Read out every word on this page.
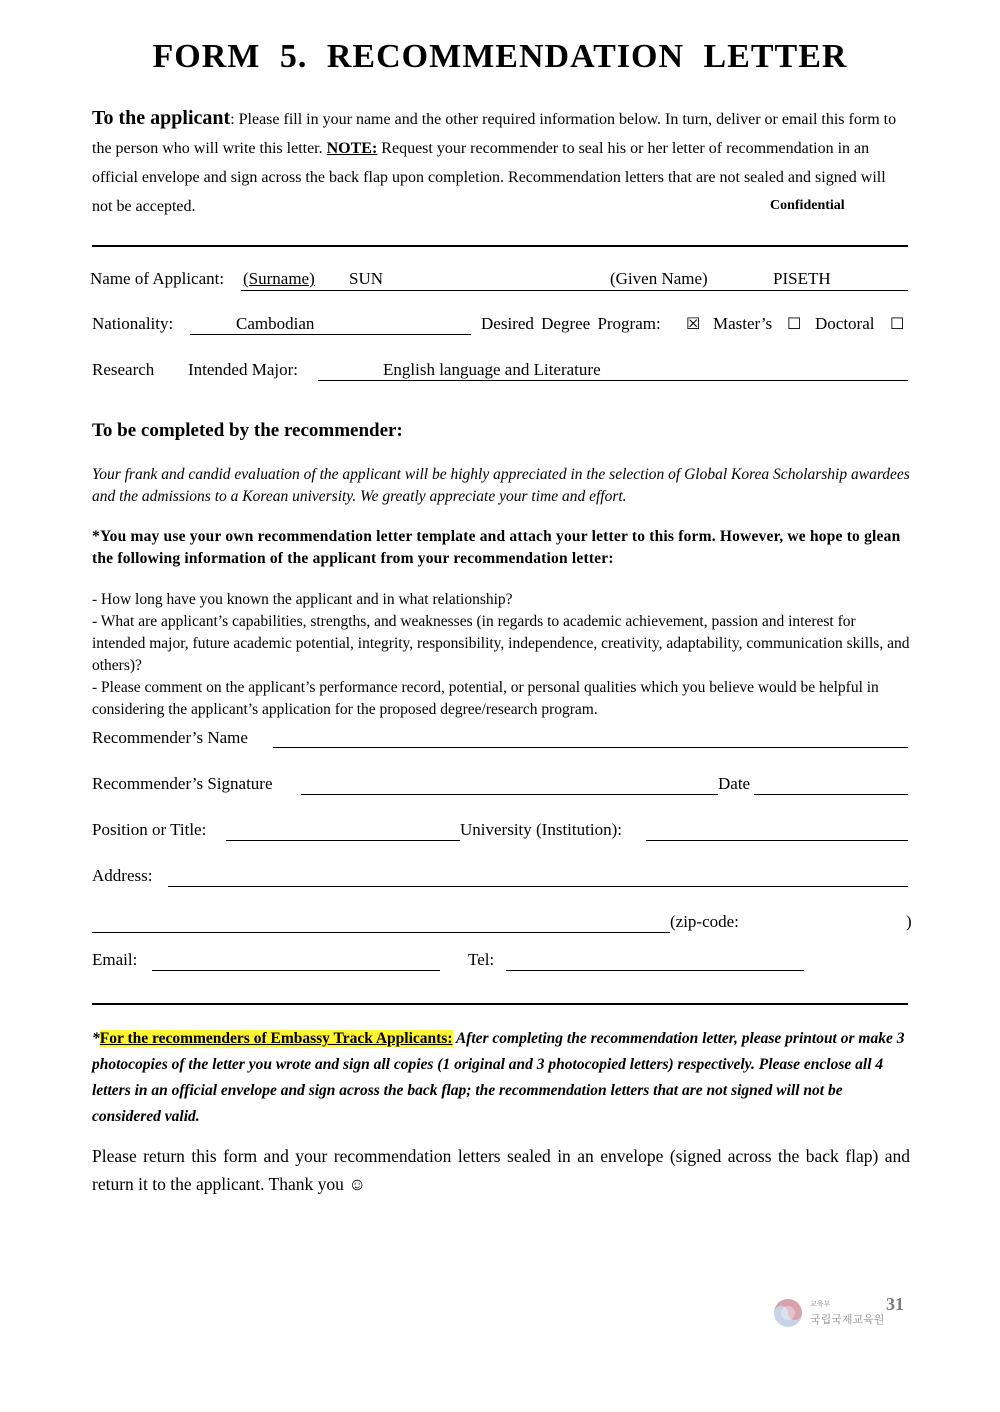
FORM 5. RECOMMENDATION LETTER
To the applicant: Please fill in your name and the other required information below. In turn, deliver or email this form to the person who will write this letter. NOTE: Request your recommender to seal his or her letter of recommendation in an official envelope and sign across the back flap upon completion. Recommendation letters that are not sealed and signed will not be accepted.	Confidential
Name of Applicant: (Surname) SUN	(Given Name)	PISETH
Nationality:	Cambodian	Desired Degree Program: ☒ Master’s ☐ Doctoral ☐
Research Intended Major:	English language and Literature
To be completed by the recommender:
Your frank and candid evaluation of the applicant will be highly appreciated in the selection of Global Korea Scholarship awardees and the admissions to a Korean university. We greatly appreciate your time and effort.
*You may use your own recommendation letter template and attach your letter to this form. However, we hope to glean the following information of the applicant from your recommendation letter:
- How long have you known the applicant and in what relationship?
- What are applicant’s capabilities, strengths, and weaknesses (in regards to academic achievement, passion and interest for intended major, future academic potential, integrity, responsibility, independence, creativity, adaptability, communication skills, and others)?
- Please comment on the applicant’s performance record, potential, or personal qualities which you believe would be helpful in considering the applicant’s application for the proposed degree/research program.
Recommender’s Name
Recommender’s Signature	Date
Position or Title:	University (Institution):
Address:
(zip-code:	)
Email:	Tel:
*For the recommenders of Embassy Track Applicants: After completing the recommendation letter, please printout or make 3 photocopies of the letter you wrote and sign all copies (1 original and 3 photocopied letters) respectively. Please enclose all 4 letters in an official envelope and sign across the back flap; the recommendation letters that are not signed will not be considered valid.
Please return this form and your recommendation letters sealed in an envelope (signed across the back flap) and return it to the applicant. Thank you ☺
교육부
국립국제교육원
31
